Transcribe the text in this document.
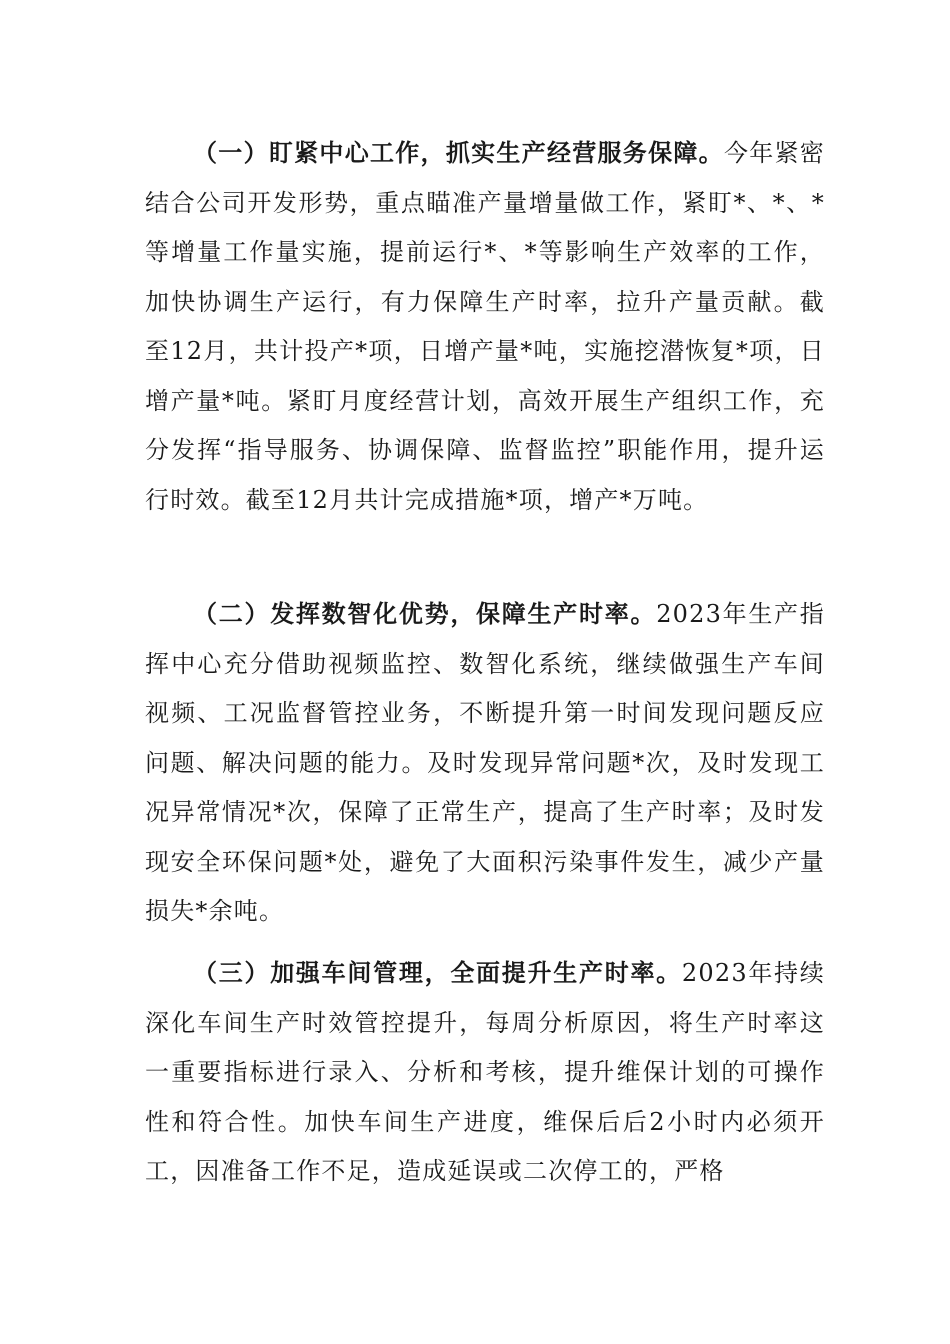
（一）盯紧中心工作，抓实生产经营服务保障。今年紧密结合公司开发形势，重点瞄准产量增量做工作，紧盯*、*、*等增量工作量实施，提前运行*、*等影响生产效率的工作，加快协调生产运行，有力保障生产时率，拉升产量贡献。截至12月，共计投产*项，日增产量*吨，实施挖潜恢复*项，日增产量*吨。紧盯月度经营计划，高效开展生产组织工作，充分发挥“指导服务、协调保障、监督监控”职能作用，提升运行时效。截至12月共计完成措施*项，增产*万吨。

（二）发挥数智化优势，保障生产时率。2023年生产指挥中心充分借助视频监控、数智化系统，继续做强生产车间视频、工况监督管控业务，不断提升第一时间发现问题反应问题、解决问题的能力。及时发现异常问题*次，及时发现工况异常情况*次，保障了正常生产，提高了生产时率；及时发现安全环保问题*处，避免了大面积污染事件发生，减少产量损失*余吨。

（三）加强车间管理，全面提升生产时率。2023年持续深化车间生产时效管控提升，每周分析原因，将生产时率这一重要指标进行录入、分析和考核，提升维保计划的可操作性和符合性。加快车间生产进度，维保后后2小时内必须开工，因准备工作不足，造成延误或二次停工的，严格
